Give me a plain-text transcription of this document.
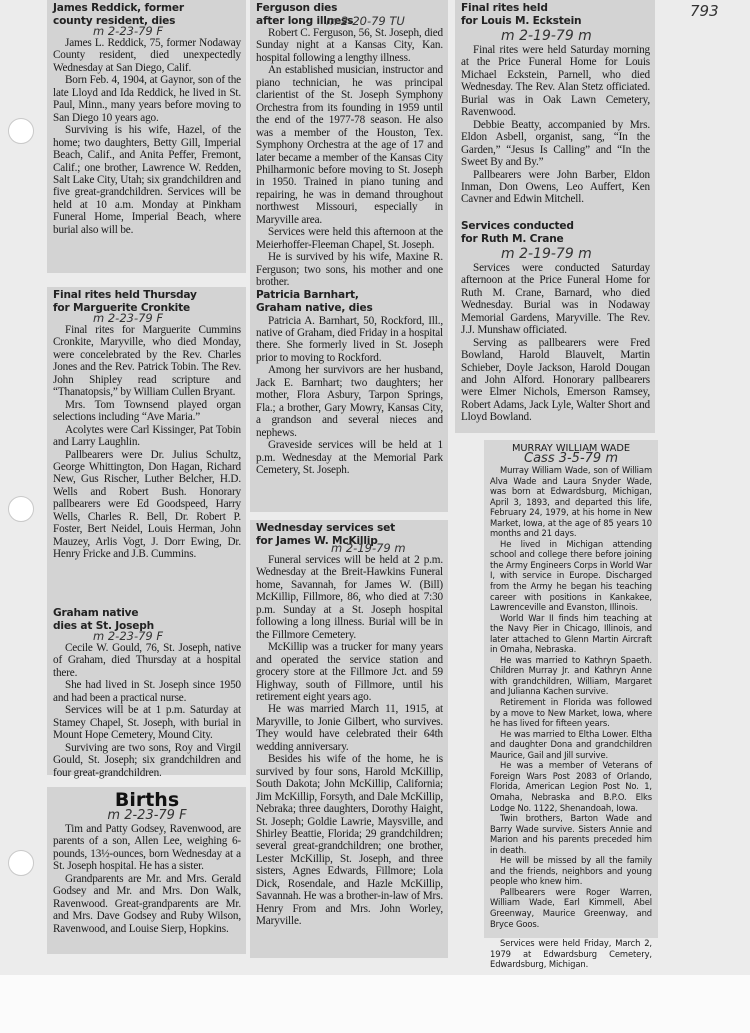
793
James Reddick, former
county resident, dies
m 2-23-79 F

James L. Reddick, 75, former Nodaway County resident, died unexpectedly Wednesday at San Diego, Calif.

Born Feb. 4, 1904, at Gaynor, son of the late Lloyd and Ida Reddick, he lived in St. Paul, Minn., many years before moving to San Diego 10 years ago.

Surviving is his wife, Hazel, of the home; two daughters, Betty Gill, Imperial Beach, Calif., and Anita Peffer, Fremont, Calif.; one brother, Lawrence W. Redden, Salt Lake City, Utah; six grandchildren and five great-grandchildren. Services will be held at 10 a.m. Monday at Pinkham Funeral Home, Imperial Beach, where burial also will be.

Final rites held Thursday
for Marguerite Cronkite
m 2-23-79 F

Final rites for Marguerite Cummins Cronkite, Maryville, who died Monday, were concelebrated by the Rev. Charles Jones and the Rev. Patrick Tobin. The Rev. John Shipley read scripture and “Thanatopsis,” by William Cullen Bryant.

Mrs. Tom Townsend played organ selections including “Ave Maria.”

Acolytes were Carl Kissinger, Pat Tobin and Larry Laughlin.

Pallbearers were Dr. Julius Schultz, George Whittington, Don Hagan, Richard New, Gus Rischer, Luther Belcher, H.D. Wells and Robert Bush. Honorary pallbearers were Ed Goodspeed, Harry Wells, Charles R. Bell, Dr. Robert P. Foster, Bert Neidel, Louis Herman, John Mauzey, Arlis Vogt, J. Dorr Ewing, Dr. Henry Fricke and J.B. Cummins.

Graham native
dies at St. Joseph
m 2-23-79 F

Cecile W. Gould, 76, St. Joseph, native of Graham, died Thursday at a hospital there.

She had lived in St. Joseph since 1950 and had been a practical nurse.

Services will be at 1 p.m. Saturday at Stamey Chapel, St. Joseph, with burial in Mount Hope Cemetery, Mound City.

Surviving are two sons, Roy and Virgil Gould, St. Joseph; six grandchildren and four great-grandchildren.

Births
m 2-23-79 F

Tim and Patty Godsey, Ravenwood, are parents of a son, Allen Lee, weighing 6-pounds, 13½-ounces, born Wednesday at a St. Joseph hospital. He has a sister.

Grandparents are Mr. and Mrs. Gerald Godsey and Mr. and Mrs. Don Walk, Ravenwood. Great-grandparents are Mr. and Mrs. Dave Godsey and Ruby Wilson, Ravenwood, and Louise Sierp, Hopkins.

Ferguson dies
after long illness
m 2-20-79 TU

Robert C. Ferguson, 56, St. Joseph, died Sunday night at a Kansas City, Kan. hospital following a lengthy illness.

An established musician, instructor and piano technician, he was principal clarientist of the St. Joseph Symphony Orchestra from its founding in 1959 until the end of the 1977-78 season. He also was a member of the Houston, Tex. Symphony Orchestra at the age of 17 and later became a member of the Kansas City Philharmonic before moving to St. Joseph in 1950. Trained in piano tuning and repairing, he was in demand throughout northwest Missouri, especially in Maryville area.

Services were held this afternoon at the Meierhoffer-Fleeman Chapel, St. Joseph.

He is survived by his wife, Maxine R. Ferguson; two sons, his mother and one brother.

Patricia Barnhart,
Graham native, dies

Patricia A. Barnhart, 50, Rockford, Ill., native of Graham, died Friday in a hospital there. She formerly lived in St. Joseph prior to moving to Rockford.

Among her survivors are her husband, Jack E. Barnhart; two daughters; her mother, Flora Asbury, Tarpon Springs, Fla.; a brother, Gary Mowry, Kansas City, a grandson and several nieces and nephews.

Graveside services will be held at 1 p.m. Wednesday at the Memorial Park Cemetery, St. Joseph.

Wednesday services set
for James W. McKillip
m 2-19-79 m

Funeral services will be held at 2 p.m. Wednesday at the Breit-Hawkins Funeral home, Savannah, for James W. (Bill) McKillip, Fillmore, 86, who died at 7:30 p.m. Sunday at a St. Joseph hospital following a long illness. Burial will be in the Fillmore Cemetery.

McKillip was a trucker for many years and operated the service station and grocery store at the Fillmore Jct. and 59 Highway, south of Fillmore, until his retirement eight years ago.

He was married March 11, 1915, at Maryville, to Jonie Gilbert, who survives. They would have celebrated their 64th wedding anniversary.

Besides his wife of the home, he is survived by four sons, Harold McKillip, South Dakota; John McKillip, California; Jim McKillip, Forsyth, and Dale McKillip, Nebraka; three daughters, Dorothy Haight, St. Joseph; Goldie Lawrie, Maysville, and Shirley Beattie, Florida; 29 grandchildren; several great-grandchildren; one brother, Lester McKillip, St. Joseph, and three sisters, Agnes Edwards, Fillmore; Lola Dick, Rosendale, and Hazle McKillip, Savannah. He was a brother-in-law of Mrs. Henry From and Mrs. John Worley, Maryville.

Final rites held
for Louis M. Eckstein
m 2-19-79 m

Final rites were held Saturday morning at the Price Funeral Home for Louis Michael Eckstein, Parnell, who died Wednesday. The Rev. Alan Stetz officiated. Burial was in Oak Lawn Cemetery, Ravenwood.

Debbie Beatty, accompanied by Mrs. Eldon Asbell, organist, sang, “In the Garden,” “Jesus Is Calling” and “In the Sweet By and By.”

Pallbearers were John Barber, Eldon Inman, Don Owens, Leo Auffert, Ken Cavner and Edwin Mitchell.

Services conducted
for Ruth M. Crane
m 2-19-79 m

Services were conducted Saturday afternoon at the Price Funeral Home for Ruth M. Crane, Barnard, who died Wednesday. Burial was in Nodaway Memorial Gardens, Maryville. The Rev. J.J. Munshaw officiated.

Serving as pallbearers were Fred Bowland, Harold Blauvelt, Martin Schieber, Doyle Jackson, Harold Dougan and John Alford. Honorary pallbearers were Elmer Nichols, Emerson Ramsey, Robert Adams, Jack Lyle, Walter Short and Lloyd Bowland.

MURRAY WILLIAM WADE
Cass 3-5-79 m

Murray William Wade, son of William Alva Wade and Laura Snyder Wade, was born at Edwardsburg, Michigan, April 3, 1893, and departed this life, February 24, 1979, at his home in New Market, Iowa, at the age of 85 years 10 months and 21 days.

He lived in Michigan attending school and college there before joining the Army Engineers Corps in World War I, with service in Europe. Discharged from the Army he began his teaching career with positions in Kankakee, Lawrenceville and Evanston, Illinois.

World War II finds him teaching at the Navy Pier in Chicago, Illinois, and later attached to Glenn Martin Aircraft in Omaha, Nebraska.

He was married to Kathryn Spaeth. Children Murray Jr. and Kathryn Anne with grandchildren, William, Margaret and Julianna Kachen survive.

Retirement in Florida was followed by a move to New Market, Iowa, where he has lived for fifteen years.

He was married to Eltha Lower. Eltha and daughter Dona and grandchildren Maurice, Gail and Jill survive.

He was a member of Veterans of Foreign Wars Post 2083 of Orlando, Florida, American Legion Post No. 1, Omaha, Nebraska and B.P.O. Elks Lodge No. 1122, Shenandoah, Iowa.

Twin brothers, Barton Wade and Barry Wade survive. Sisters Annie and Marion and his parents preceded him in death.

He will be missed by all the family and the friends, neighbors and young people who knew him.

Pallbearers were Roger Warren, William Wade, Earl Kimmell, Abel Greenway, Maurice Greenway, and Bryce Goos.

Services were held Friday, March 2, 1979 at Edwardsburg Cemetery, Edwardsburg, Michigan.
